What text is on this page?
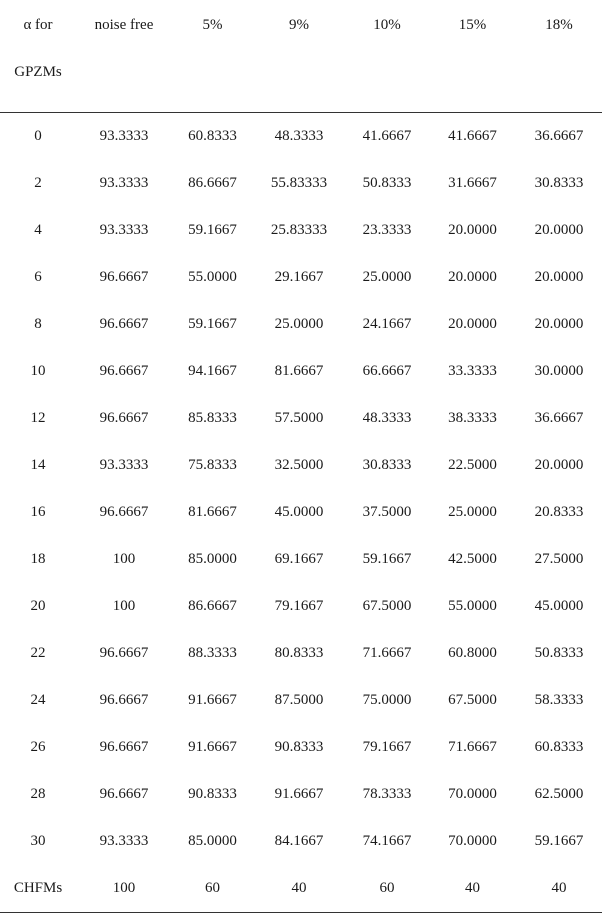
α for
GPZMs	noise free	5%	9%	10%	15%	18%
0	93.3333	60.8333	48.3333	41.6667	41.6667	36.6667
2	93.3333	86.6667	55.83333	50.8333	31.6667	30.8333
4	93.3333	59.1667	25.83333	23.3333	20.0000	20.0000
6	96.6667	55.0000	29.1667	25.0000	20.0000	20.0000
8	96.6667	59.1667	25.0000	24.1667	20.0000	20.0000
10	96.6667	94.1667	81.6667	66.6667	33.3333	30.0000
12	96.6667	85.8333	57.5000	48.3333	38.3333	36.6667
14	93.3333	75.8333	32.5000	30.8333	22.5000	20.0000
16	96.6667	81.6667	45.0000	37.5000	25.0000	20.8333
18	100	85.0000	69.1667	59.1667	42.5000	27.5000
20	100	86.6667	79.1667	67.5000	55.0000	45.0000
22	96.6667	88.3333	80.8333	71.6667	60.8000	50.8333
24	96.6667	91.6667	87.5000	75.0000	67.5000	58.3333
26	96.6667	91.6667	90.8333	79.1667	71.6667	60.8333
28	96.6667	90.8333	91.6667	78.3333	70.0000	62.5000
30	93.3333	85.0000	84.1667	74.1667	70.0000	59.1667
CHFMs	100	60	40	60	40	40
